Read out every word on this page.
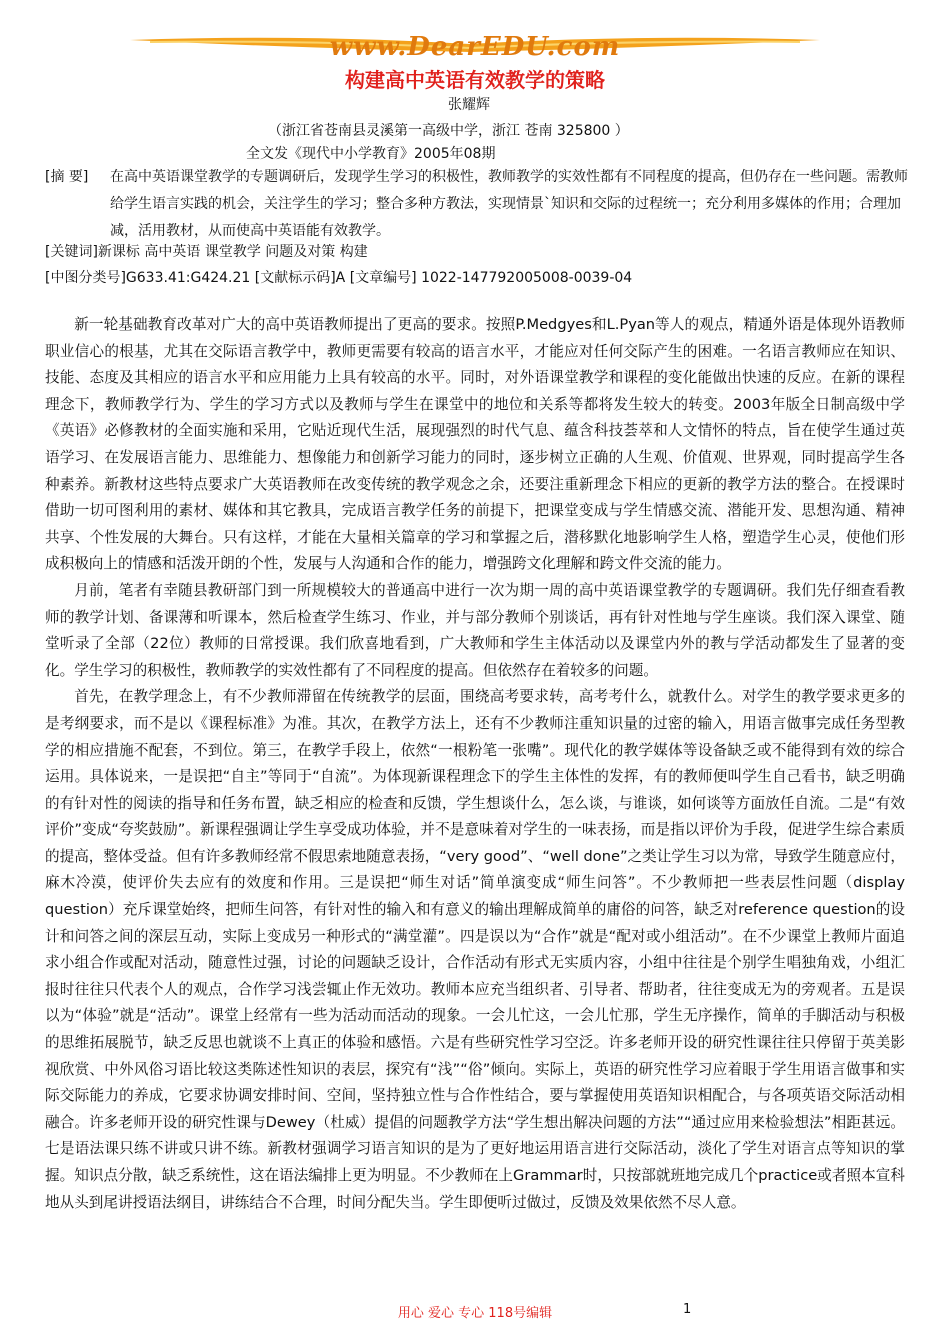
www.DearEDU.com
构建高中英语有效教学的策略
张耀辉
（浙江省苍南县灵溪第一高级中学，浙江 苍南 325800 ）
全文发《现代中小学教育》2005年08期
[摘 要] 在高中英语课堂教学的专题调研后，发现学生学习的积极性，教师教学的实效性都有不同程度的提高，但仍存在一些问题。需教师给学生语言实践的机会，关注学生的学习；整合多种方教法，实现情景`知识和交际的过程统一；充分利用多媒体的作用；合理加减，活用教材，从而使高中英语能有效教学。
[关键词]新课标 高中英语 课堂教学 问题及对策 构建
[中图分类号]G633.41:G424.21 [文献标示码]A [文章编号] 1022-147792005008-0039-04

新一轮基础教育改革对广大的高中英语教师提出了更高的要求。按照P.Medgyes和L.Pyan等人的观点，精通外语是体现外语教师职业信心的根基，尤其在交际语言教学中，教师更需要有较高的语言水平，才能应对任何交际产生的困难。一名语言教师应在知识、技能、态度及其相应的语言水平和应用能力上具有较高的水平。同时，对外语课堂教学和课程的变化能做出快速的反应。在新的课程理念下，教师教学行为、学生的学习方式以及教师与学生在课堂中的地位和关系等都将发生较大的转变。2003年版全日制高级中学《英语》必修教材的全面实施和采用，它贴近现代生活，展现强烈的时代气息、蕴含科技荟萃和人文情怀的特点，旨在使学生通过英语学习、在发展语言能力、思维能力、想像能力和创新学习能力的同时，逐步树立正确的人生观、价值观、世界观，同时提高学生各种素养。新教材这些特点要求广大英语教师在改变传统的教学观念之余，还要注重新理念下相应的更新的教学方法的整合。在授课时借助一切可图利用的素材、媒体和其它教具，完成语言教学任务的前提下，把课堂变成与学生情感交流、潜能开发、思想沟通、精神共享、个性发展的大舞台。只有这样，才能在大量相关篇章的学习和掌握之后，潜移默化地影响学生人格，塑造学生心灵，使他们形成积极向上的情感和活泼开朗的个性，发展与人沟通和合作的能力，增强跨文化理解和跨文件交流的能力。

月前，笔者有幸随县教研部门到一所规模较大的普通高中进行一次为期一周的高中英语课堂教学的专题调研。我们先仔细查看教师的教学计划、备课薄和听课本，然后检查学生练习、作业，并与部分教师个别谈话，再有针对性地与学生座谈。我们深入课堂、随堂听录了全部（22位）教师的日常授课。我们欣喜地看到，广大教师和学生主体活动以及课堂内外的教与学活动都发生了显著的变化。学生学习的积极性，教师教学的实效性都有了不同程度的提高。但依然存在着较多的问题。

首先，在教学理念上，有不少教师滞留在传统教学的层面，围绕高考要求转，高考考什么，就教什么。对学生的教学要求更多的是考纲要求，而不是以《课程标准》为准。其次，在教学方法上，还有不少教师注重知识量的过密的输入，用语言做事完成任务型教学的相应措施不配套，不到位。第三，在教学手段上，依然“一根粉笔一张嘴”。现代化的教学媒体等设备缺乏或不能得到有效的综合运用。具体说来，一是误把“自主”等同于“自流”。为体现新课程理念下的学生主体性的发挥，有的教师便叫学生自己看书，缺乏明确的有针对性的阅读的指导和任务布置，缺乏相应的检查和反馈，学生想谈什么，怎么谈，与谁谈，如何谈等方面放任自流。二是“有效评价”变成“夸奖鼓励”。新课程强调让学生享受成功体验，并不是意味着对学生的一味表扬，而是指以评价为手段，促进学生综合素质的提高，整体受益。但有许多教师经常不假思索地随意表扬，“very good”、“well done”之类让学生习以为常，导致学生随意应付，麻木冷漠，使评价失去应有的效度和作用。三是误把“师生对话”简单演变成“师生问答”。不少教师把一些表层性问题（display question）充斥课堂始终，把师生问答，有针对性的输入和有意义的输出理解成简单的庸俗的问答，缺乏对reference question的设计和问答之间的深层互动，实际上变成另一种形式的“满堂灌”。四是误以为“合作”就是“配对或小组活动”。在不少课堂上教师片面追求小组合作或配对活动，随意性过强，讨论的问题缺乏设计，合作活动有形式无实质内容，小组中往往是个别学生唱独角戏，小组汇报时往往只代表个人的观点，合作学习浅尝辄止作无效功。教师本应充当组织者、引导者、帮助者，往往变成无为的旁观者。五是误以为“体验”就是“活动”。课堂上经常有一些为活动而活动的现象。一会儿忙这，一会儿忙那，学生无序操作，简单的手脚活动与积极的思维拓展脱节，缺乏反思也就谈不上真正的体验和感悟。六是有些研究性学习空泛。许多老师开设的研究性课往往只停留于英美影视欣赏、中外风俗习语比较这类陈述性知识的表层，探究有“浅”“俗”倾向。实际上，英语的研究性学习应着眼于学生用语言做事和实际交际能力的养成，它要求协调安排时间、空间，坚持独立性与合作性结合，要与掌握使用英语知识相配合，与各项英语交际活动相融合。许多老师开设的研究性课与Dewey（杜威）提倡的问题教学方法“学生想出解决问题的方法”“通过应用来检验想法”相距甚远。七是语法课只练不讲或只讲不练。新教材强调学习语言知识的是为了更好地运用语言进行交际活动，淡化了学生对语言点等知识的掌握。知识点分散，缺乏系统性，这在语法编排上更为明显。不少教师在上Grammar时，只按部就班地完成几个practice或者照本宣科地从头到尾讲授语法纲目，讲练结合不合理，时间分配失当。学生即便听过做过，反馈及效果依然不尽人意。

用心 爱心 专心 118号编辑	1
